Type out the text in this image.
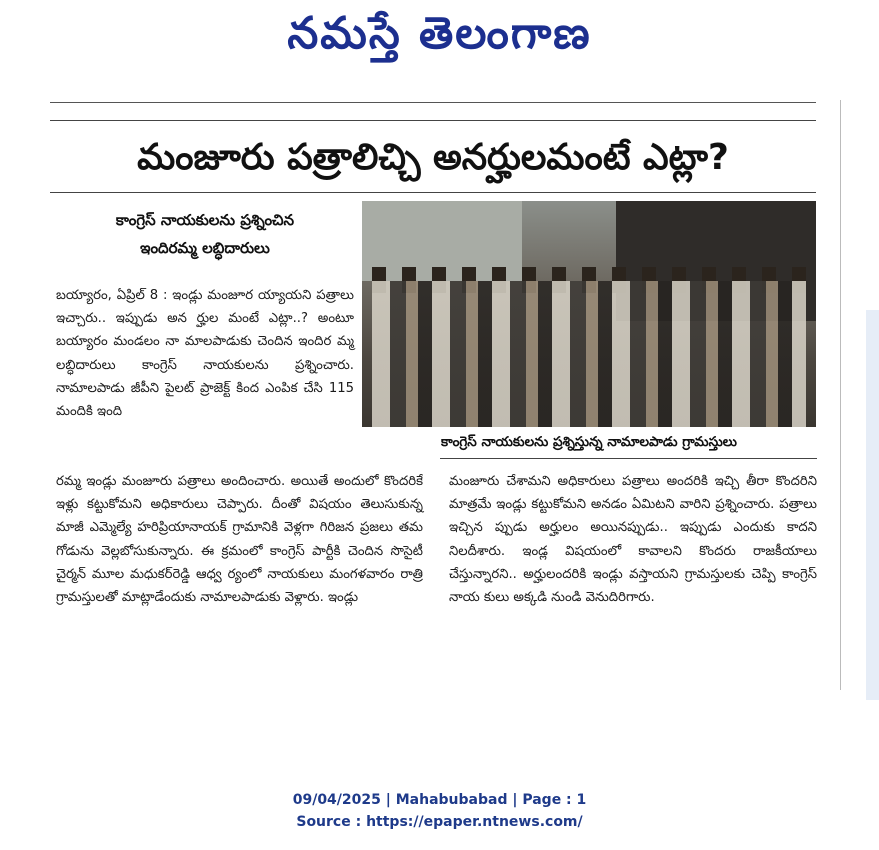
నమస్తే తెలంగాణ
మంజూరు పత్రాలిచ్చి అనర్హులమంటే ఎట్లా?
కాంగ్రెస్ నాయకులను ప్రశ్నించిన
ఇందిరమ్మ లబ్ధిదారులు
బయ్యారం, ఏప్రిల్ 8 : ఇండ్లు మంజూర య్యాయని పత్రాలు ఇచ్చారు.. ఇప్పుడు అన ర్హుల మంటే ఎట్లా..? అంటూ బయ్యారం మండలం నా మాలపాడుకు చెందిన ఇందిర మ్మ లబ్ధిదారులు కాంగ్రెస్ నాయకులను ప్రశ్నించారు. నామాలపాడు జీపీని పైలట్ ప్రాజెక్ట్ కింద ఎంపిక చేసి 115 మందికి ఇంది
కాంగ్రెస్ నాయకులను ప్రశ్నిస్తున్న నామాలపాడు గ్రామస్తులు
రమ్మ ఇండ్లు మంజూరు పత్రాలు అందించారు. అయితే అందులో కొందరికే ఇళ్లు కట్టుకోమని అధికారులు చెప్పారు. దీంతో విషయం తెలుసుకున్న మాజీ ఎమ్మెల్యే హరిప్రియానాయక్ గ్రామానికి వెళ్లగా గిరిజన ప్రజలు తమ గోడును వెల్లబోసుకున్నారు. ఈ క్రమంలో కాంగ్రెస్ పార్టీకి చెందిన సొసైటీ చైర్మన్ మూల మధుకర్‌రెడ్డి ఆధ్వ ర్యంలో నాయకులు మంగళవారం రాత్రి గ్రామస్తులతో మాట్లాడేందుకు నామాలపాడుకు వెళ్లారు. ఇండ్లు
మంజూరు చేశామని అధికారులు పత్రాలు అందరికి ఇచ్చి తీరా కొందరిని మాత్రమే ఇండ్లు కట్టుకోమని అనడం ఏమిటని వారిని ప్రశ్నించారు. పత్రాలు ఇచ్చిన ప్పుడు అర్హులం అయినప్పుడు.. ఇప్పుడు ఎందుకు కాదని నిలదీశారు. ఇండ్ల విషయంలో కావాలని కొందరు రాజకీయాలు చేస్తున్నారని.. అర్హులందరికి ఇండ్లు వస్తాయని గ్రామస్తులకు చెప్పి కాంగ్రెస్ నాయ కులు అక్కడి నుండి వెనుదిరిగారు.
09/04/2025 | Mahabubabad | Page : 1
Source : https://epaper.ntnews.com/
